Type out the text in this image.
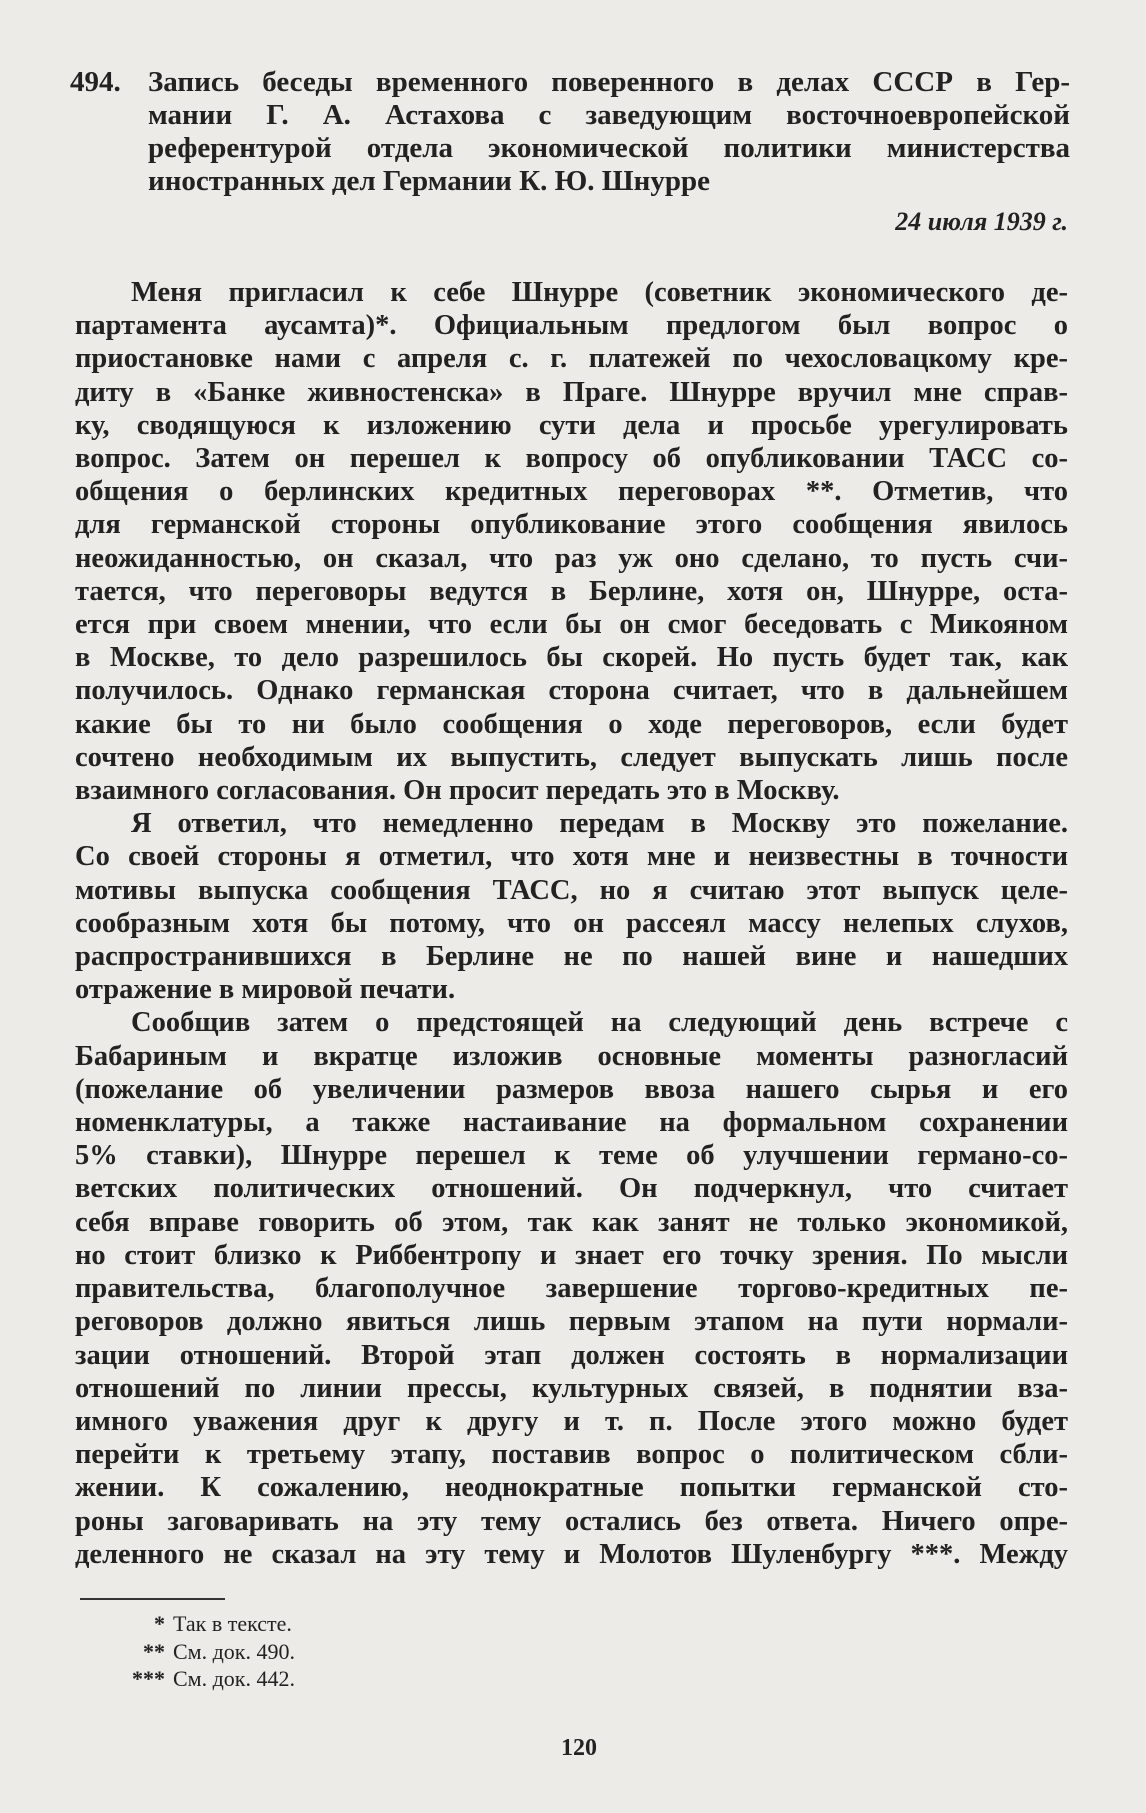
494. Запись беседы временного поверенного в делах СССР в Гер-
мании Г. А. Астахова с заведующим восточноевропейской
референтурой отдела экономической политики министерства
иностранных дел Германии К. Ю. Шнурре
24 июля 1939 г.
Меня пригласил к себе Шнурре (советник экономического де-
партамента аусамта)*. Официальным предлогом был вопрос о
приостановке нами с апреля с. г. платежей по чехословацкому кре-
диту в «Банке живностенска» в Праге. Шнурре вручил мне справ-
ку, сводящуюся к изложению сути дела и просьбе урегулировать
вопрос. Затем он перешел к вопросу об опубликовании ТАСС со-
общения о берлинских кредитных переговорах **. Отметив, что
для германской стороны опубликование этого сообщения явилось
неожиданностью, он сказал, что раз уж оно сделано, то пусть счи-
тается, что переговоры ведутся в Берлине, хотя он, Шнурре, оста-
ется при своем мнении, что если бы он смог беседовать с Микояном
в Москве, то дело разрешилось бы скорей. Но пусть будет так, как
получилось. Однако германская сторона считает, что в дальнейшем
какие бы то ни было сообщения о ходе переговоров, если будет
сочтено необходимым их выпустить, следует выпускать лишь после
взаимного согласования. Он просит передать это в Москву.
Я ответил, что немедленно передам в Москву это пожелание.
Со своей стороны я отметил, что хотя мне и неизвестны в точности
мотивы выпуска сообщения ТАСС, но я считаю этот выпуск целе-
сообразным хотя бы потому, что он рассеял массу нелепых слухов,
распространившихся в Берлине не по нашей вине и нашедших
отражение в мировой печати.
Сообщив затем о предстоящей на следующий день встрече с
Бабариным и вкратце изложив основные моменты разногласий
(пожелание об увеличении размеров ввоза нашего сырья и его
номенклатуры, а также настаивание на формальном сохранении
5% ставки), Шнурре перешел к теме об улучшении германо-со-
ветских политических отношений. Он подчеркнул, что считает
себя вправе говорить об этом, так как занят не только экономикой,
но стоит близко к Риббентропу и знает его точку зрения. По мысли
правительства, благополучное завершение торгово-кредитных пе-
реговоров должно явиться лишь первым этапом на пути нормали-
зации отношений. Второй этап должен состоять в нормализации
отношений по линии прессы, культурных связей, в поднятии вза-
имного уважения друг к другу и т. п. После этого можно будет
перейти к третьему этапу, поставив вопрос о политическом сбли-
жении. К сожалению, неоднократные попытки германской сто-
роны заговаривать на эту тему остались без ответа. Ничего опре-
деленного не сказал на эту тему и Молотов Шуленбургу ***. Между
* Так в тексте.
** См. док. 490.
*** См. док. 442.
120
